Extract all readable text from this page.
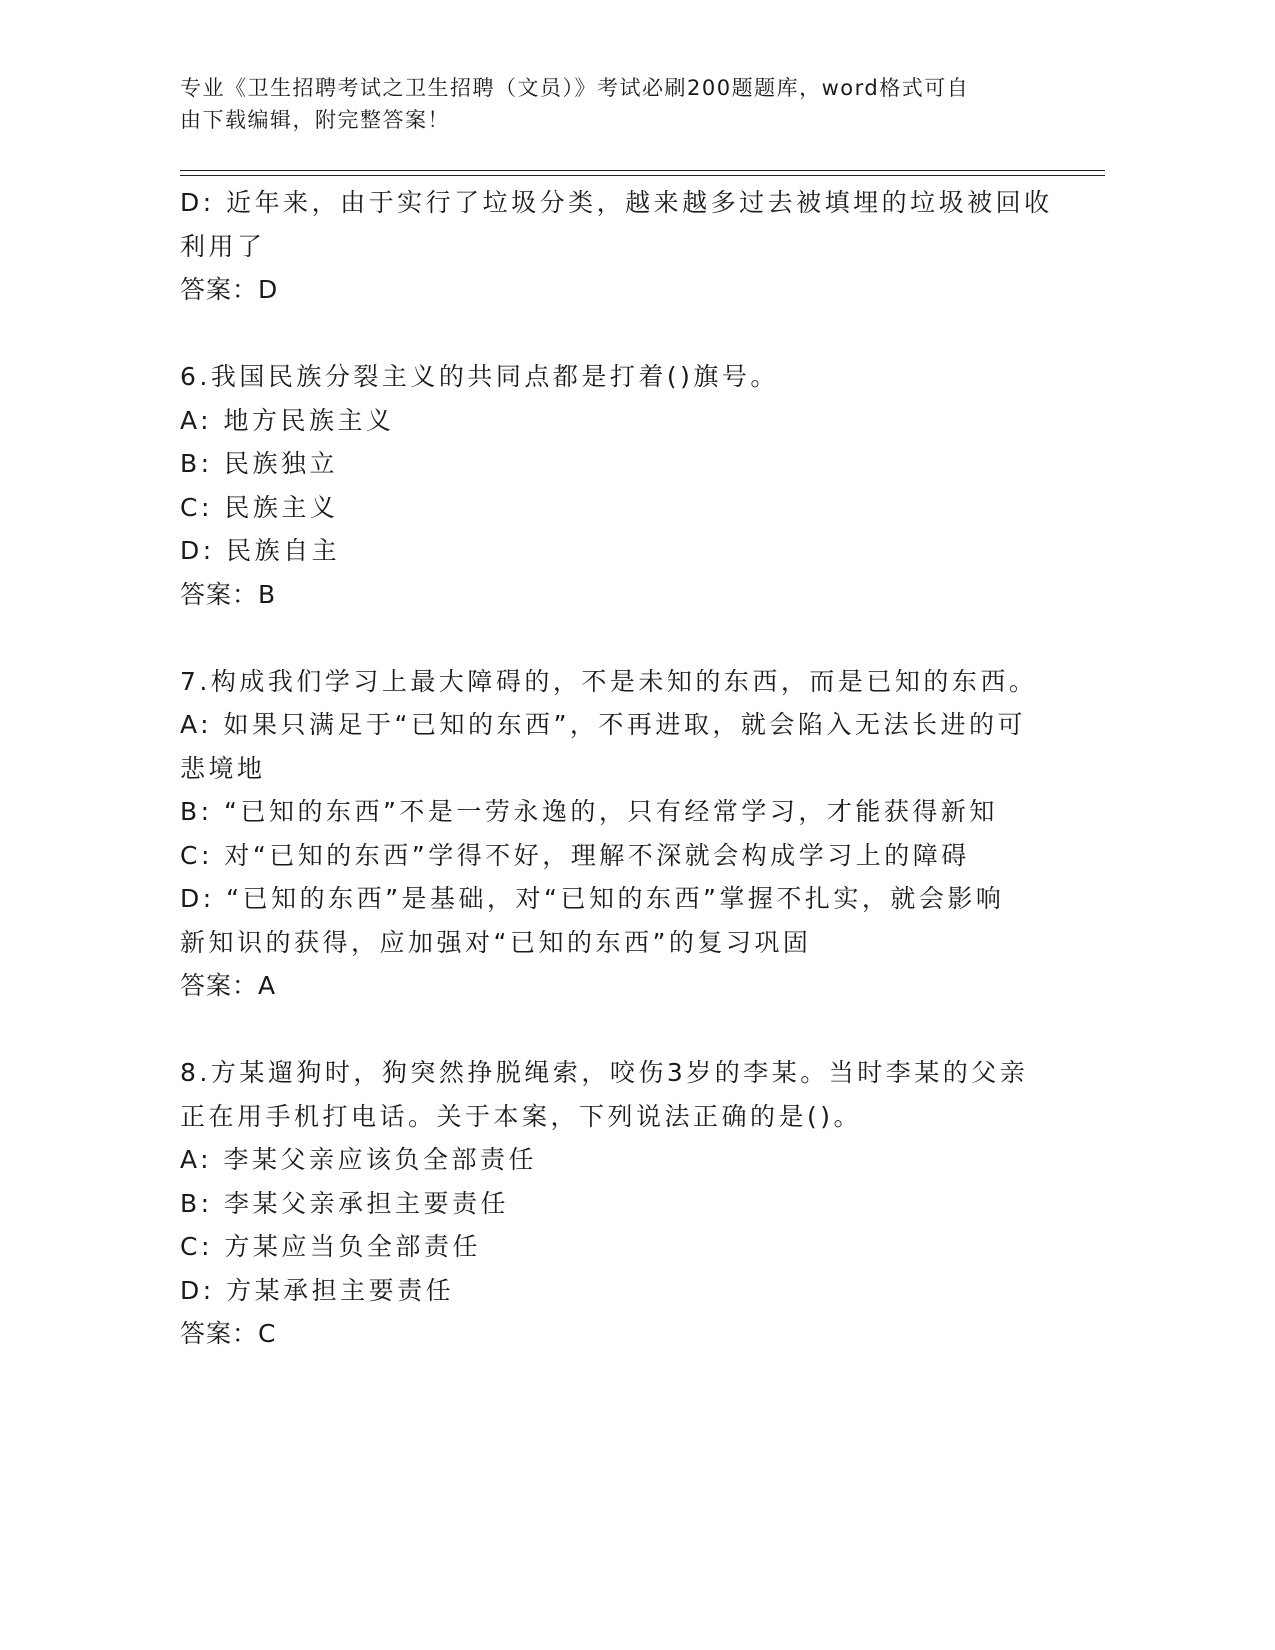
专业《卫生招聘考试之卫生招聘（文员）》考试必刷200题题库，word格式可自
由下载编辑，附完整答案！
D: 近年来，由于实行了垃圾分类，越来越多过去被填埋的垃圾被回收
利用了
答案：D
6.我国民族分裂主义的共同点都是打着()旗号。
A: 地方民族主义
B: 民族独立
C: 民族主义
D: 民族自主
答案：B
7.构成我们学习上最大障碍的，不是未知的东西，而是已知的东西。
A: 如果只满足于“已知的东西”，不再进取，就会陷入无法长进的可
悲境地
B: “已知的东西”不是一劳永逸的，只有经常学习，才能获得新知
C: 对“已知的东西”学得不好，理解不深就会构成学习上的障碍
D: “已知的东西”是基础，对“已知的东西”掌握不扎实，就会影响
新知识的获得，应加强对“已知的东西”的复习巩固
答案：A
8.方某遛狗时，狗突然挣脱绳索，咬伤3岁的李某。当时李某的父亲
正在用手机打电话。关于本案，下列说法正确的是()。
A: 李某父亲应该负全部责任
B: 李某父亲承担主要责任
C: 方某应当负全部责任
D: 方某承担主要责任
答案：C
